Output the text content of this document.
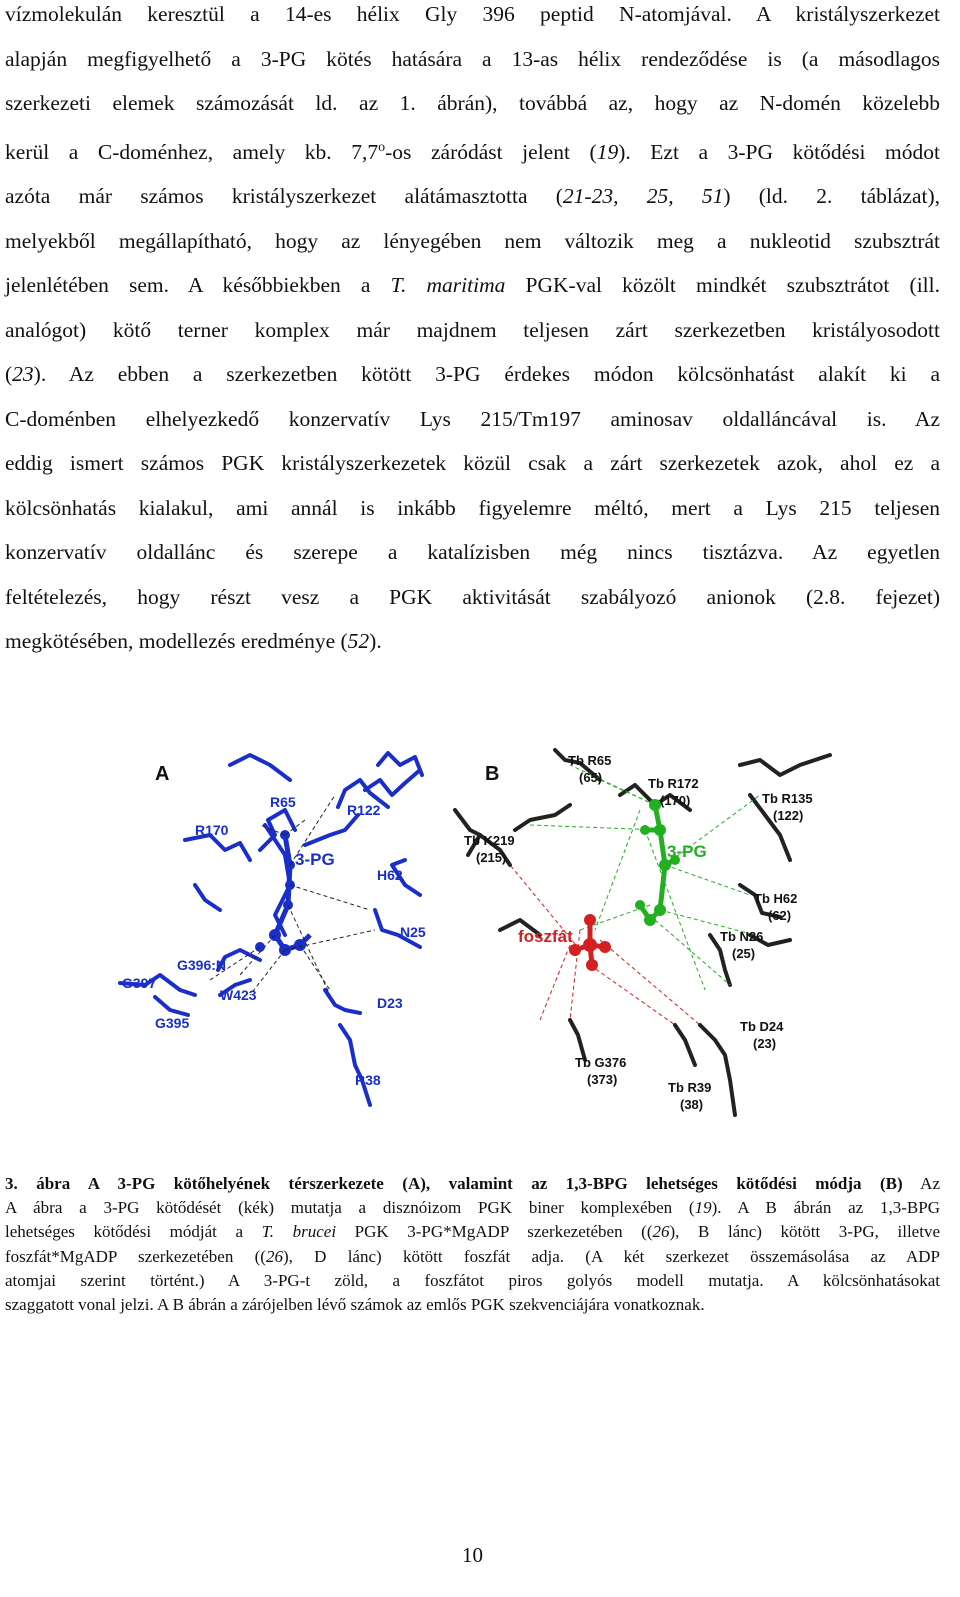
vízmolekulán keresztül a 14-es hélix Gly 396 peptid N-atomjával. A kristályszerkezet
alapján megfigyelhető a 3-PG kötés hatására a 13-as hélix rendeződése is (a másodlagos
szerkezeti elemek számozását ld. az 1. ábrán), továbbá az, hogy az N-domén közelebb
kerül a C-doménhez, amely kb. 7,7$^o$-os záródást jelent (19). Ezt a 3-PG kötődési módot
azóta már számos kristályszerkezet alátámasztotta (21-23, 25, 51) (ld. 2. táblázat),
melyekből megállapítható, hogy az lényegében nem változik meg a nukleotid szubsztrát
jelenlétében sem. A későbbiekben a T. maritima PGK-val közölt mindkét szubsztrátot (ill.
analógot) kötő terner komplex már majdnem teljesen zárt szerkezetben kristályosodott
(23). Az ebben a szerkezetben kötött 3-PG érdekes módon kölcsönhatást alakít ki a
C-doménben elhelyezkedő konzervatív Lys 215/Tm197 aminosav oldalláncával is. Az
eddig ismert számos PGK kristályszerkezetek közül csak a zárt szerkezetek azok, ahol ez a
kölcsönhatás kialakul, ami annál is inkább figyelemre méltó, mert a Lys 215 teljesen
konzervatív oldallánc és szerepe a katalízisben még nincs tisztázva. Az egyetlen
feltételezés, hogy részt vesz a PGK aktivitását szabályozó anionok (2.8. fejezet)
megkötésében, modellezés eredménye (52).
A
R170
R65	R122
3-PG
H62
N25
G396:N
G397
W423
G395
D23
R38
B
Tb R65
(65)	Tb R172
(170)	Tb R135
(122)
Tb K219
(215)	3-PG
Tb H62
(62)
foszfát	Tb N26
(25)
Tb D24
(23)
Tb G376
(373)
Tb R39
(38)
3. ábra A 3-PG kötőhelyének térszerkezete (A), valamint az 1,3-BPG lehetséges kötődési módja (B) Az
A ábra a 3-PG kötődését (kék) mutatja a disznóizom PGK biner komplexében (19). A B ábrán az 1,3-BPG
lehetséges kötődési módját a T. brucei PGK 3-PG*MgADP szerkezetében ((26), B lánc) kötött 3-PG, illetve
foszfát*MgADP szerkezetében ((26), D lánc) kötött foszfát adja. (A két szerkezet összemásolása az ADP
atomjai szerint történt.) A 3-PG-t zöld, a foszfátot piros golyós modell mutatja. A kölcsönhatásokat
szaggatott vonal jelzi. A B ábrán a zárójelben lévő számok az emlős PGK szekvenciájára vonatkoznak.
10
